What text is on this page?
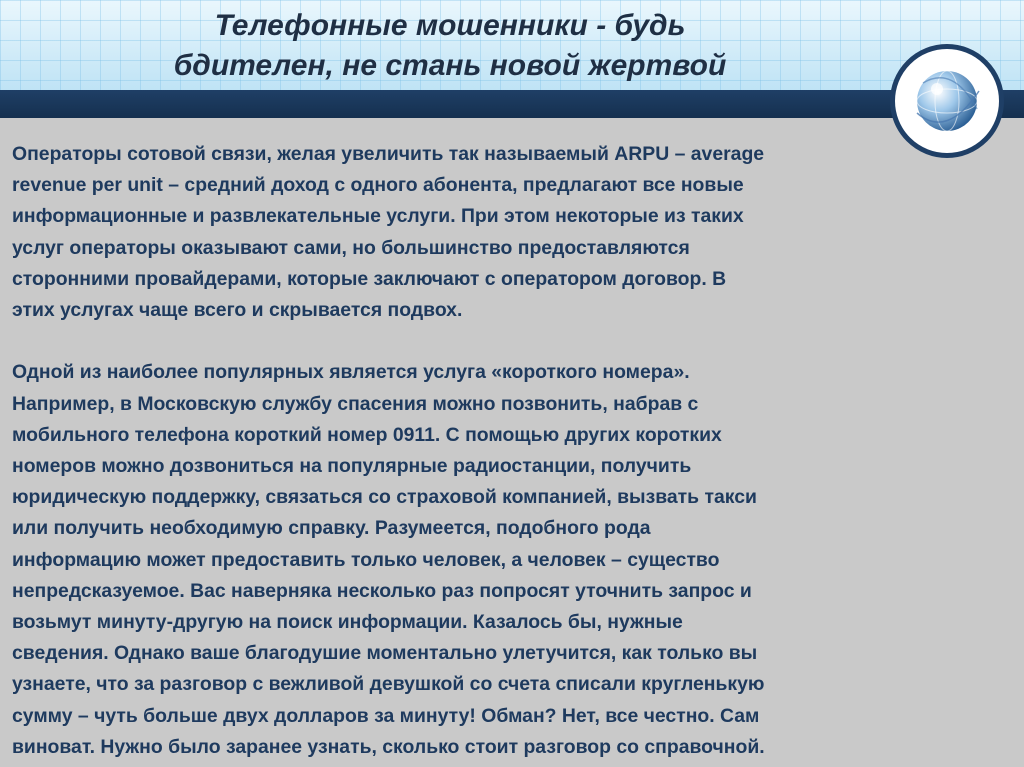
Телефонные мошенники - будь
бдителен, не стань новой жертвой
Операторы сотовой связи, желая увеличить так называемый ARPU – average
revenue per unit – средний доход с одного абонента, предлагают все новые
информационные и развлекательные услуги. При этом некоторые из таких
услуг операторы оказывают сами, но большинство предоставляются
сторонними провайдерами, которые заключают с оператором договор. В
этих услугах чаще всего и скрывается подвох.
Одной из наиболее популярных является услуга «короткого номера».
Например, в Московскую службу спасения можно позвонить, набрав с
мобильного телефона короткий номер 0911. С помощью других коротких
номеров можно дозвониться на популярные радиостанции, получить
юридическую поддержку, связаться со страховой компанией, вызвать такси
или получить необходимую справку. Разумеется, подобного рода
информацию может предоставить только человек, а человек – существо
непредсказуемое. Вас наверняка несколько раз попросят уточнить запрос и
возьмут минуту-другую на поиск информации. Казалось бы, нужные
сведения. Однако ваше благодушие моментально улетучится, как только вы
узнаете, что за разговор с вежливой девушкой со счета списали кругленькую
сумму – чуть больше двух долларов за минуту! Обман? Нет, все честно. Сам
виноват. Нужно было заранее узнать, сколько стоит разговор со справочной.
